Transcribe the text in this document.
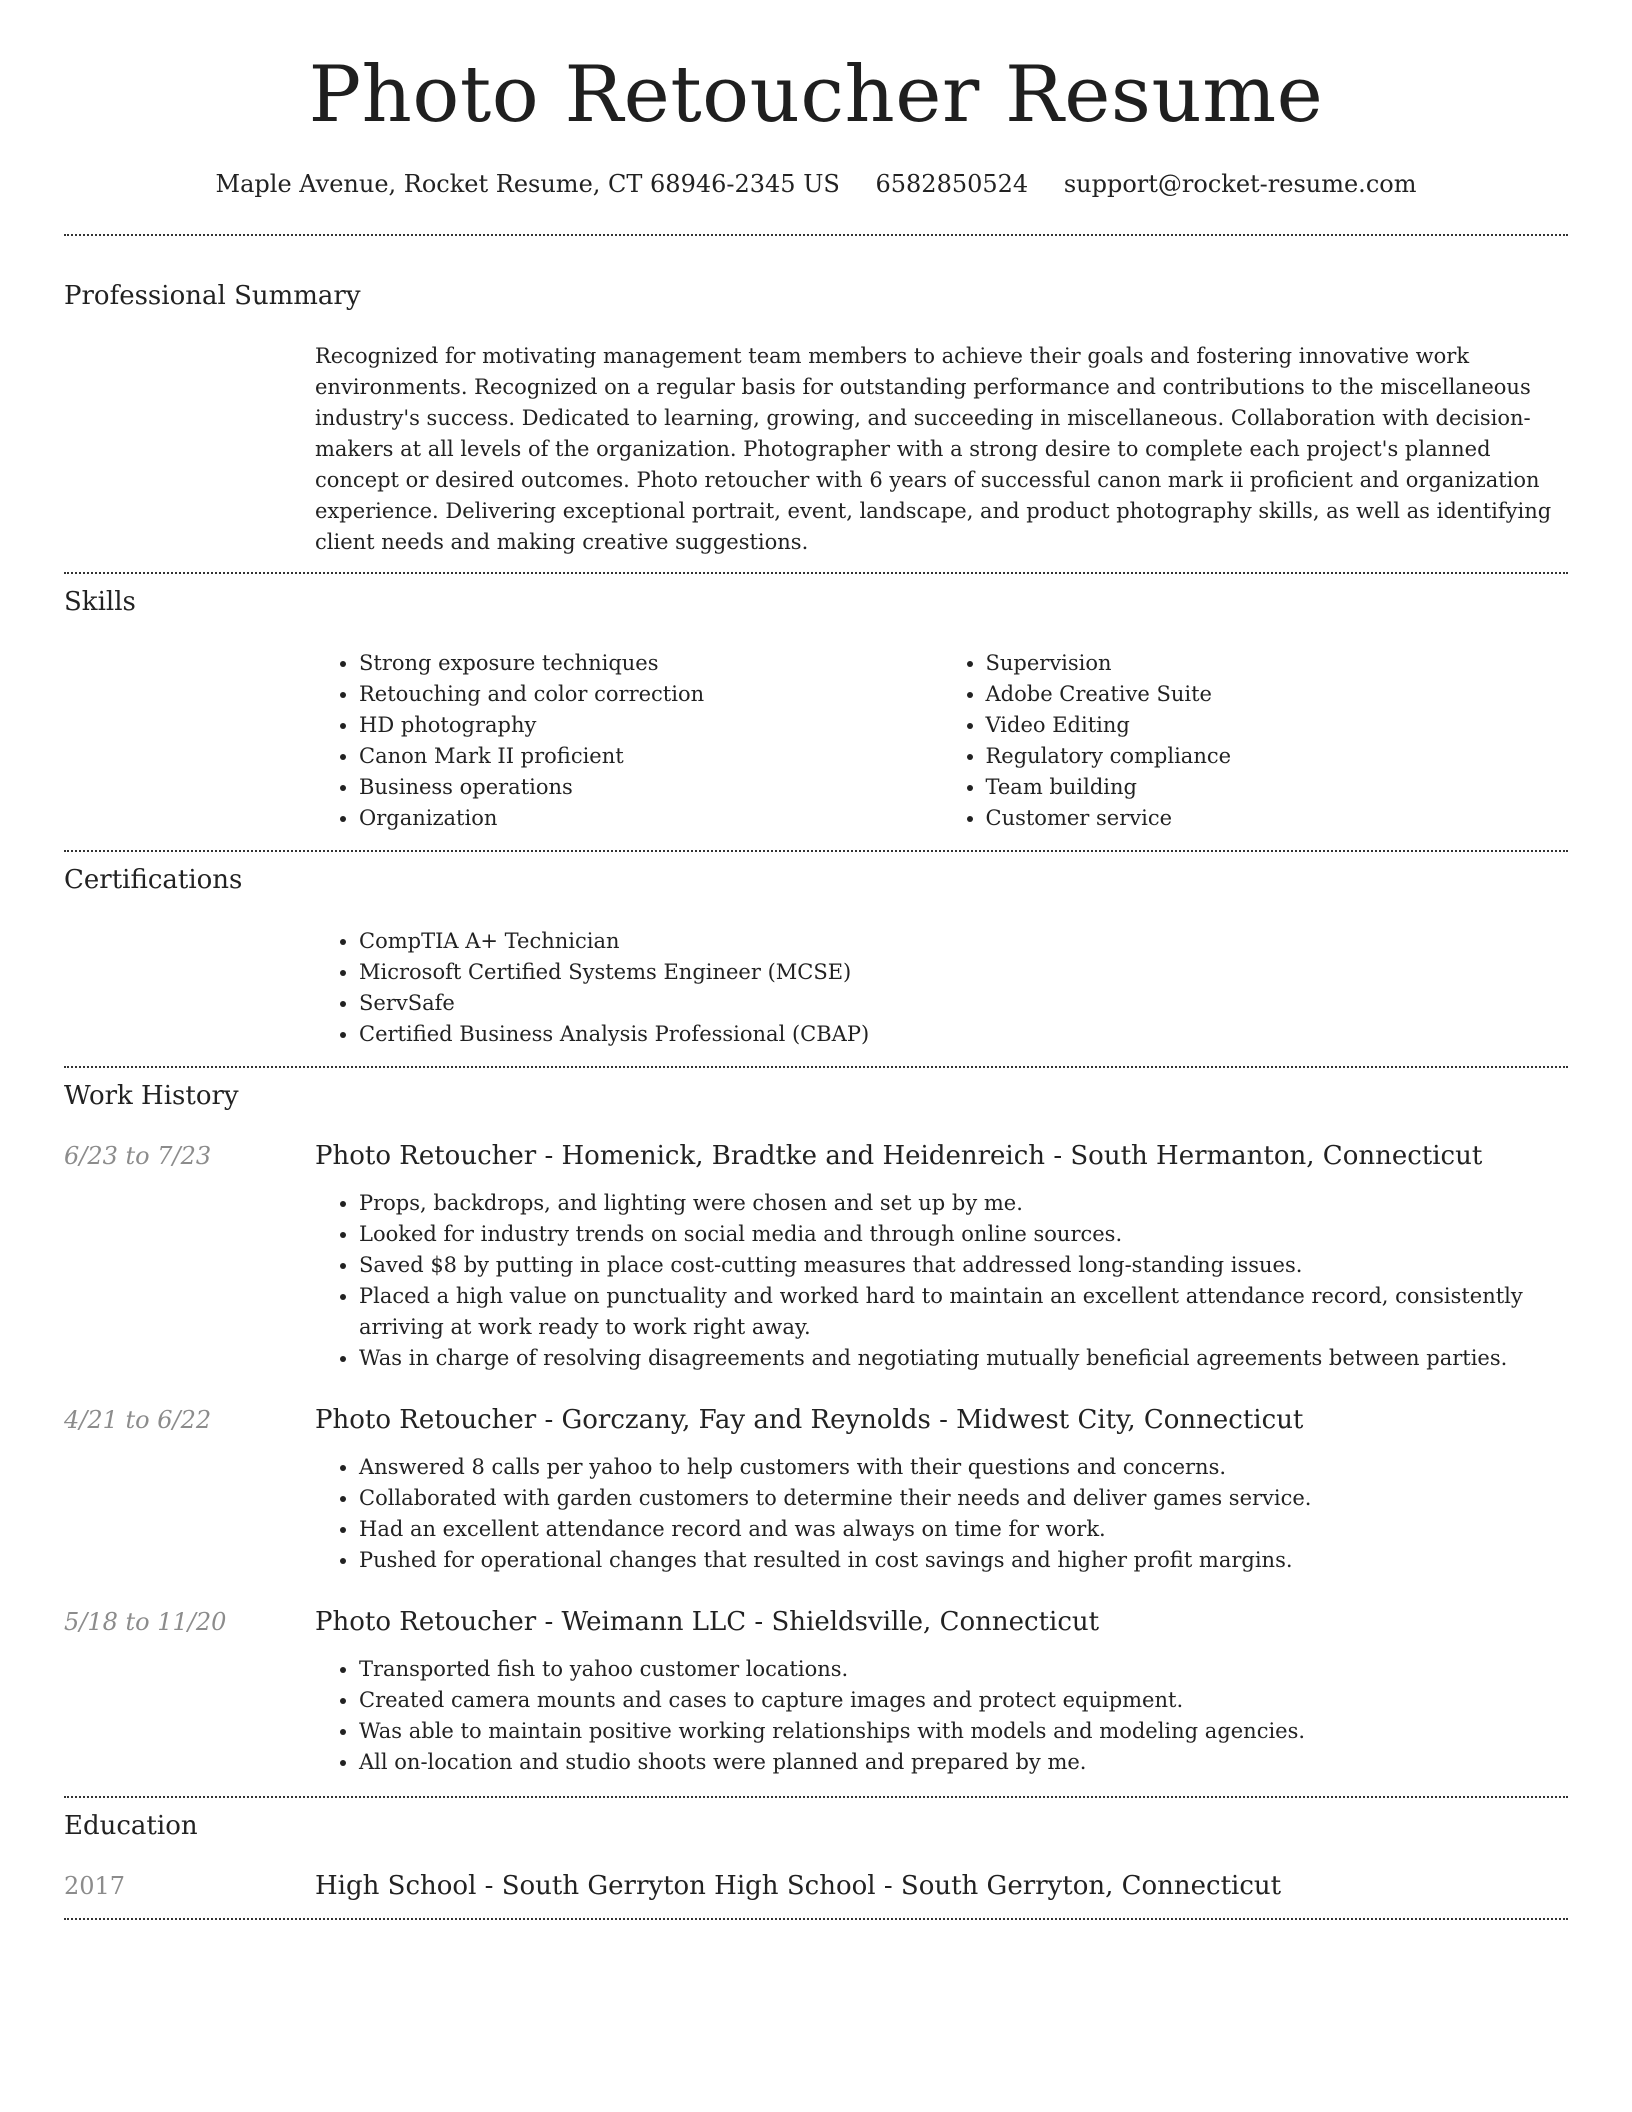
Photo Retoucher Resume
Maple Avenue, Rocket Resume, CT 68946-2345 US 6582850524 support@rocket-resume.com
Professional Summary
Recognized for motivating management team members to achieve their goals and fostering innovative work environments. Recognized on a regular basis for outstanding performance and contributions to the miscellaneous industry's success. Dedicated to learning, growing, and succeeding in miscellaneous. Collaboration with decision-makers at all levels of the organization. Photographer with a strong desire to complete each project's planned concept or desired outcomes. Photo retoucher with 6 years of successful canon mark ii proficient and organization experience. Delivering exceptional portrait, event, landscape, and product photography skills, as well as identifying client needs and making creative suggestions.
Skills
• Strong exposure techniques
• Retouching and color correction
• HD photography
• Canon Mark II proficient
• Business operations
• Organization
• Supervision
• Adobe Creative Suite
• Video Editing
• Regulatory compliance
• Team building
• Customer service
Certifications
• CompTIA A+ Technician
• Microsoft Certified Systems Engineer (MCSE)
• ServSafe
• Certified Business Analysis Professional (CBAP)
Work History
6/23 to 7/23	Photo Retoucher - Homenick, Bradtke and Heidenreich - South Hermanton, Connecticut
• Props, backdrops, and lighting were chosen and set up by me.
• Looked for industry trends on social media and through online sources.
• Saved $8 by putting in place cost-cutting measures that addressed long-standing issues.
• Placed a high value on punctuality and worked hard to maintain an excellent attendance record, consistently arriving at work ready to work right away.
• Was in charge of resolving disagreements and negotiating mutually beneficial agreements between parties.
4/21 to 6/22	Photo Retoucher - Gorczany, Fay and Reynolds - Midwest City, Connecticut
• Answered 8 calls per yahoo to help customers with their questions and concerns.
• Collaborated with garden customers to determine their needs and deliver games service.
• Had an excellent attendance record and was always on time for work.
• Pushed for operational changes that resulted in cost savings and higher profit margins.
5/18 to 11/20	Photo Retoucher - Weimann LLC - Shieldsville, Connecticut
• Transported fish to yahoo customer locations.
• Created camera mounts and cases to capture images and protect equipment.
• Was able to maintain positive working relationships with models and modeling agencies.
• All on-location and studio shoots were planned and prepared by me.
Education
2017	High School - South Gerryton High School - South Gerryton, Connecticut
